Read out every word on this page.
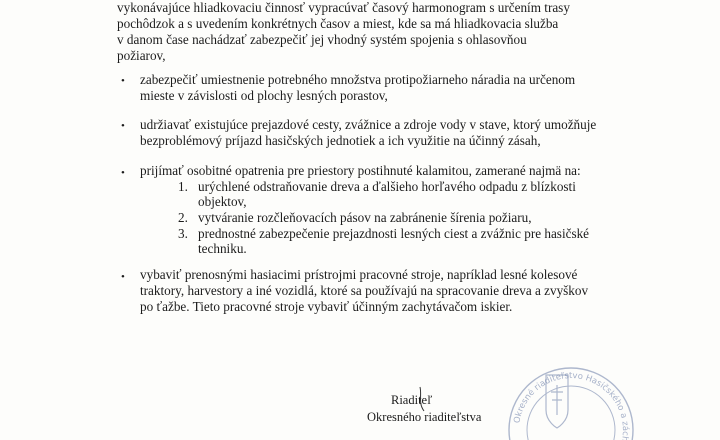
vykonávajúce hliadkovaciu činnosť vypracúvať časový harmonogram s určením trasy
pochôdzok a s uvedením konkrétnych časov a miest, kde sa má hliadkovacia služba
v danom čase nachádzať zabezpečiť jej vhodný systém spojenia s ohlasovňou
požiarov,
• zabezpečiť umiestnenie potrebného množstva protipožiarneho náradia na určenom
mieste v závislosti od plochy lesných porastov,
• udržiavať existujúce prejazdové cesty, zvážnice a zdroje vody v stave, ktorý umožňuje
bezproblémový príjazd hasičských jednotiek a ich využitie na účinný zásah,
• prijímať osobitné opatrenia pre priestory postihnuté kalamitou, zamerané najmä na:
1. urýchlené odstraňovanie dreva a ďalšieho horľavého odpadu z blízkosti
objektov,
2. vytváranie rozčleňovacích pásov na zabránenie šírenia požiaru,
3. prednostné zabezpečenie prejazdnosti lesných ciest a zvážnic pre hasičské
techniku.
• vybaviť prenosnými hasiacimi prístrojmi pracovné stroje, napríklad lesné kolesové
traktory, harvestory a iné vozidlá, ktoré sa používajú na spracovanie dreva a zvyškov
po ťažbe. Tieto pracovné stroje vybaviť účinným zachytávačom iskier.
Riaditeľ
Okresného riaditeľstva	Okresné riaditeľstvo Hasičského a zách
